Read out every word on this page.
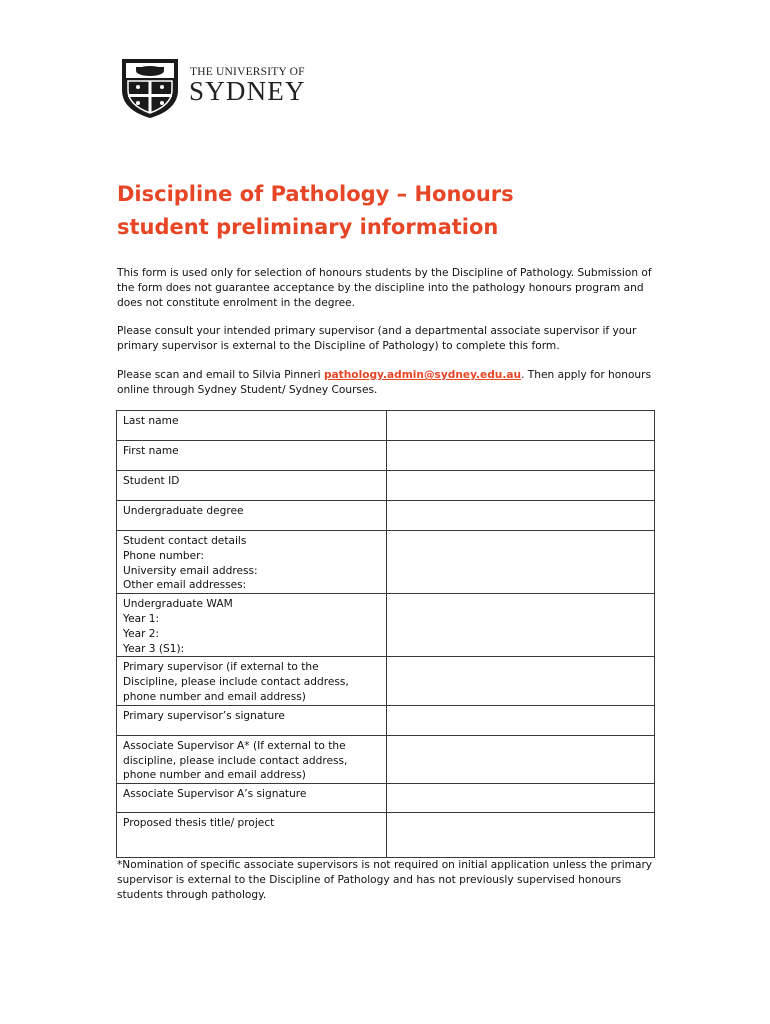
THE UNIVERSITY OF
SYDNEY
Discipline of Pathology – Honours
student preliminary information

This form is used only for selection of honours students by the Discipline of Pathology. Submission of the form does not guarantee acceptance by the discipline into the pathology honours program and does not constitute enrolment in the degree.

Please consult your intended primary supervisor (and a departmental associate supervisor if your primary supervisor is external to the Discipline of Pathology) to complete this form.

Please scan and email to Silvia Pinneri pathology.admin@sydney.edu.au. Then apply for honours online through Sydney Student/ Sydney Courses.

Last name	

First name	

Student ID	

Undergraduate degree	

Student contact details
Phone number:
University email address:
Other email addresses:	

Undergraduate WAM
Year 1:
Year 2:
Year 3 (S1):	

Primary supervisor (if external to the
Discipline, please include contact address,
phone number and email address)	

Primary supervisor’s signature	

Associate Supervisor A* (If external to the
discipline, please include contact address,
phone number and email address)	

Associate Supervisor A’s signature	

Proposed thesis title/ project	

*Nomination of specific associate supervisors is not required on initial application unless the primary supervisor is external to the Discipline of Pathology and has not previously supervised honours students through pathology.
